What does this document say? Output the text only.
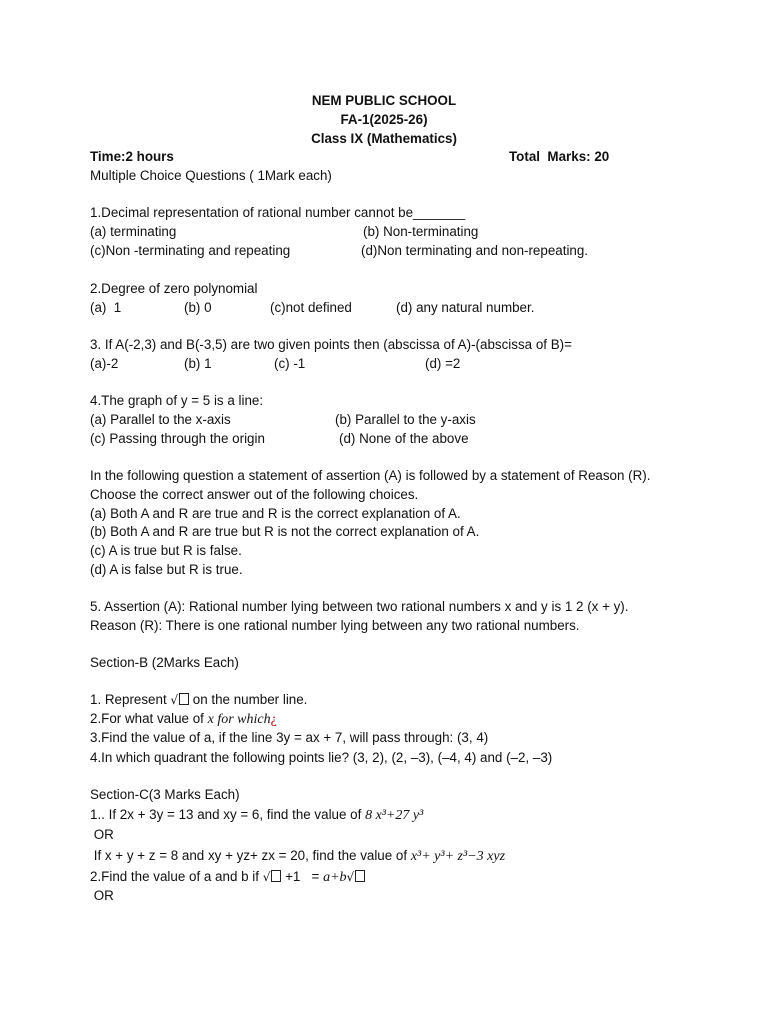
NEM PUBLIC SCHOOL
FA-1(2025-26)
Class IX (Mathematics)
Time:2 hours	Total  Marks: 20
Multiple Choice Questions ( 1Mark each)
1.Decimal representation of rational number cannot be_______
(a) terminating	(b) Non-terminating
(c)Non -terminating and repeating	(d)Non terminating and non-repeating.
2.Degree of zero polynomial
(a)  1	(b) 0	(c)not defined	(d) any natural number.
3. If A(-2,3) and B(-3,5) are two given points then (abscissa of A)-(abscissa of B)=
(a)-2	(b) 1	(c) -1	(d) =2
4.The graph of y = 5 is a line:
(a) Parallel to the x-axis	(b) Parallel to the y-axis
(c) Passing through the origin	(d) None of the above
In the following question a statement of assertion (A) is followed by a statement of Reason (R).
Choose the correct answer out of the following choices.
(a) Both A and R are true and R is the correct explanation of A.
(b) Both A and R are true but R is not the correct explanation of A.
(c) A is true but R is false.
(d) A is false but R is true.
5. Assertion (A): Rational number lying between two rational numbers x and y is 1 2 (x + y).
Reason (R): There is one rational number lying between any two rational numbers.
Section-B (2Marks Each)
1. Represent √ on the number line.
2.For what value of x for which¿
3.Find the value of a, if the line 3y = ax + 7, will pass through: (3, 4)
4.In which quadrant the following points lie? (3, 2), (2, –3), (–4, 4) and (–2, –3)
Section-C(3 Marks Each)
1.. If 2x + 3y = 13 and xy = 6, find the value of 8 x³+27 y³
OR
If x + y + z = 8 and xy + yz+ zx = 20, find the value of x³+ y³+ z³−3 xyz
2.Find the value of a and b if √ +1   = a+b√
OR
